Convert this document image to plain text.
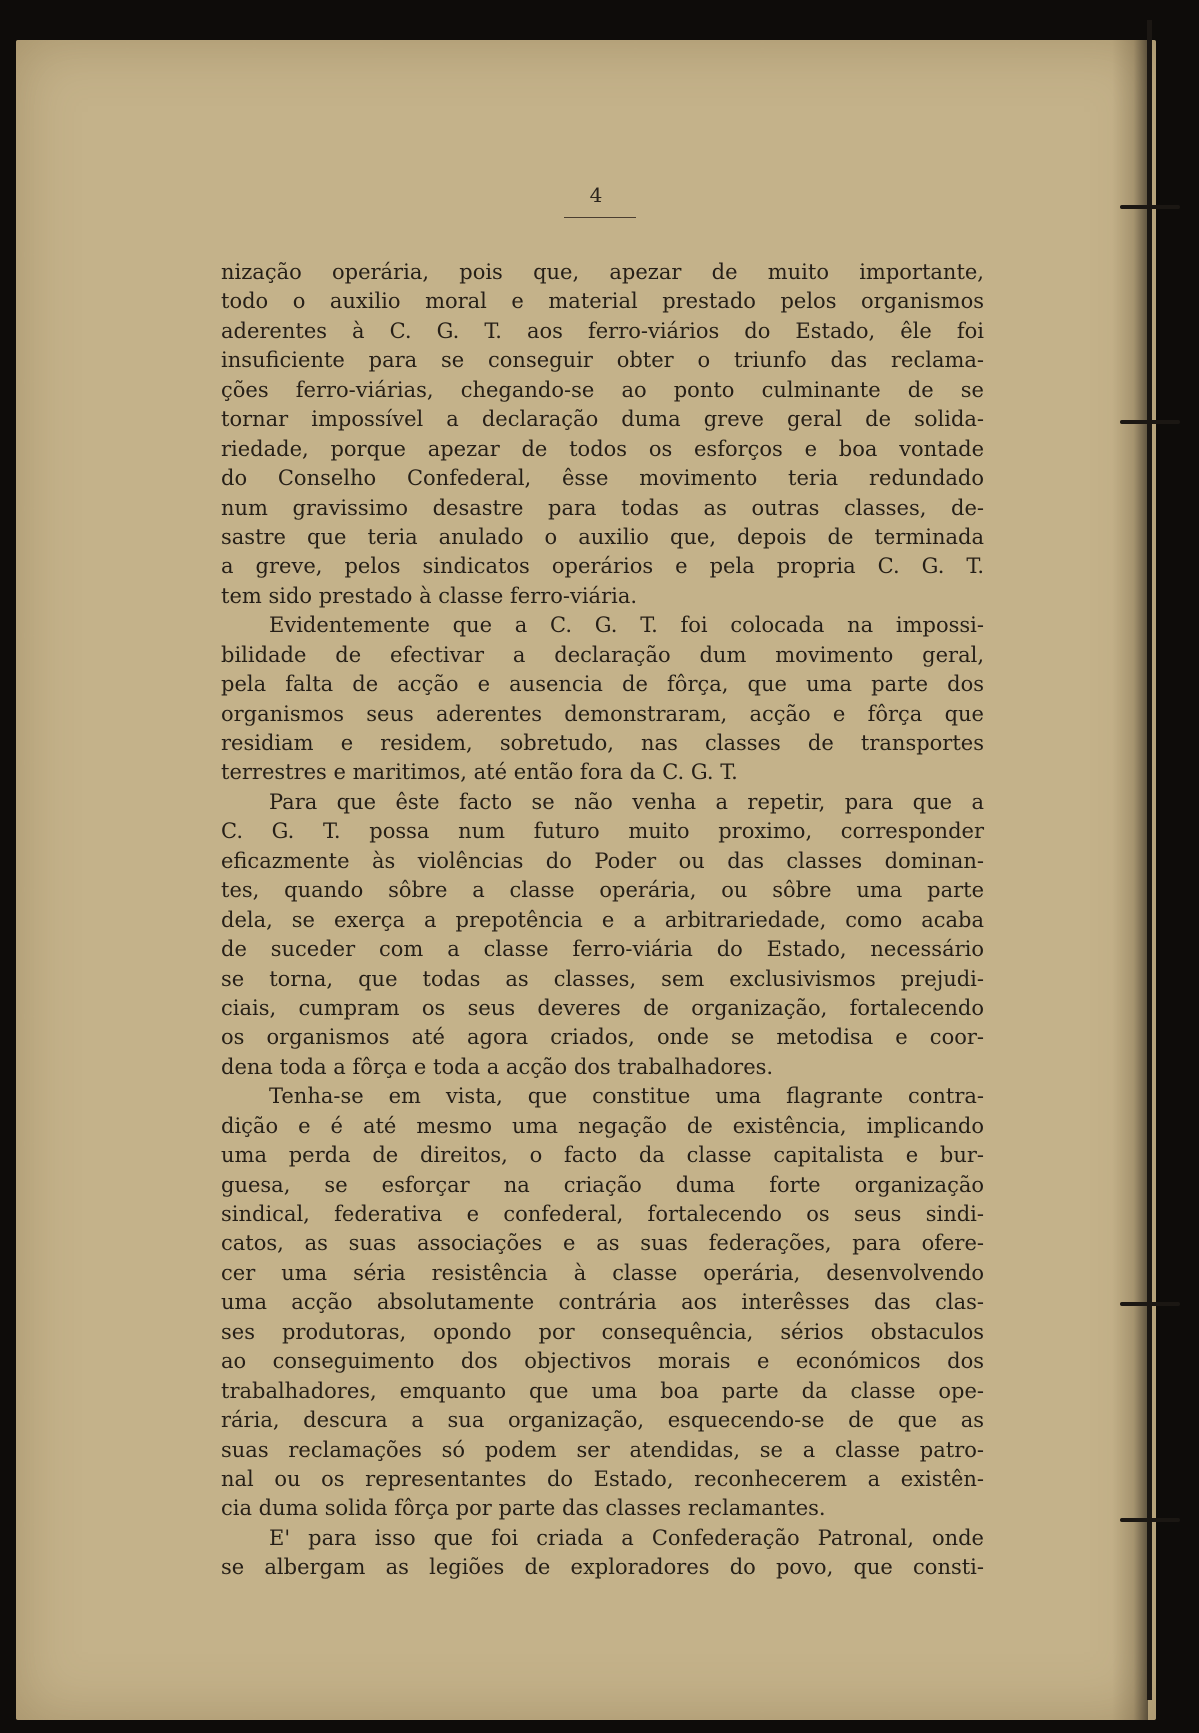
4
nização operária, pois que, apezar de muito importante,
todo o auxilio moral e material prestado pelos organismos
aderentes à C. G. T. aos ferro-viários do Estado, êle foi
insuficiente para se conseguir obter o triunfo das reclama-
ções ferro-viárias, chegando-se ao ponto culminante de se
tornar impossível a declaração duma greve geral de solida-
riedade, porque apezar de todos os esforços e boa vontade
do Conselho Confederal, êsse movimento teria redundado
num gravissimo desastre para todas as outras classes, de-
sastre que teria anulado o auxilio que, depois de terminada
a greve, pelos sindicatos operários e pela propria C. G. T.
tem sido prestado à classe ferro-viária.
Evidentemente que a C. G. T. foi colocada na impossi-
bilidade de efectivar a declaração dum movimento geral,
pela falta de acção e ausencia de fôrça, que uma parte dos
organismos seus aderentes demonstraram, acção e fôrça que
residiam e residem, sobretudo, nas classes de transportes
terrestres e maritimos, até então fora da C. G. T.
Para que êste facto se não venha a repetir, para que a
C. G. T. possa num futuro muito proximo, corresponder
eficazmente às violências do Poder ou das classes dominan-
tes, quando sôbre a classe operária, ou sôbre uma parte
dela, se exerça a prepotência e a arbitrariedade, como acaba
de suceder com a classe ferro-viária do Estado, necessário
se torna, que todas as classes, sem exclusivismos prejudi-
ciais, cumpram os seus deveres de organização, fortalecendo
os organismos até agora criados, onde se metodisa e coor-
dena toda a fôrça e toda a acção dos trabalhadores.
Tenha-se em vista, que constitue uma flagrante contra-
dição e é até mesmo uma negação de existência, implicando
uma perda de direitos, o facto da classe capitalista e bur-
guesa, se esforçar na criação duma forte organização
sindical, federativa e confederal, fortalecendo os seus sindi-
catos, as suas associações e as suas federações, para ofere-
cer uma séria resistência à classe operária, desenvolvendo
uma acção absolutamente contrária aos interêsses das clas-
ses produtoras, opondo por consequência, sérios obstaculos
ao conseguimento dos objectivos morais e económicos dos
trabalhadores, emquanto que uma boa parte da classe ope-
rária, descura a sua organização, esquecendo-se de que as
suas reclamações só podem ser atendidas, se a classe patro-
nal ou os representantes do Estado, reconhecerem a existên-
cia duma solida fôrça por parte das classes reclamantes.
E' para isso que foi criada a Confederação Patronal, onde
se albergam as legiões de exploradores do povo, que consti-
